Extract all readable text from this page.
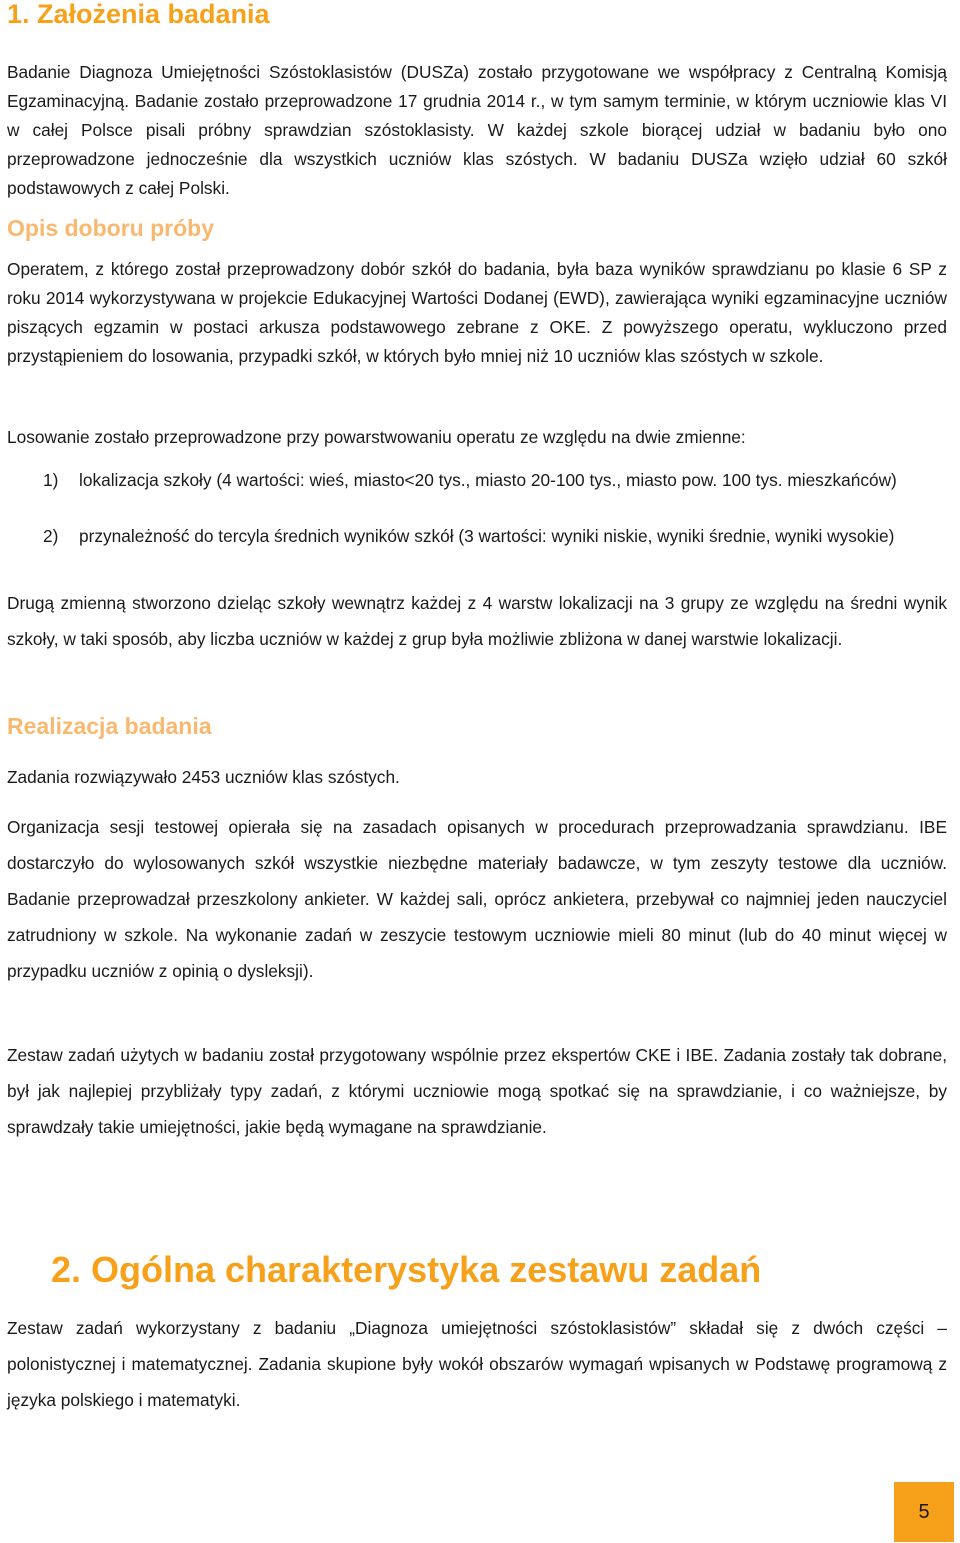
1. Założenia badania

Badanie Diagnoza Umiejętności Szóstoklasistów (DUSZa) zostało przygotowane we współpracy z Centralną Komisją Egzaminacyjną. Badanie zostało przeprowadzone 17 grudnia 2014 r., w tym samym terminie, w którym uczniowie klas VI w całej Polsce pisali próbny sprawdzian szóstoklasisty. W każdej szkole biorącej udział w badaniu było ono przeprowadzone jednocześnie dla wszystkich uczniów klas szóstych. W badaniu DUSZa wzięło udział 60 szkół podstawowych z całej Polski.

Opis doboru próby

Operatem, z którego został przeprowadzony dobór szkół do badania, była baza wyników sprawdzianu po klasie 6 SP z roku 2014 wykorzystywana w projekcie Edukacyjnej Wartości Dodanej (EWD), zawierająca wyniki egzaminacyjne uczniów piszących egzamin w postaci arkusza podstawowego zebrane z OKE. Z powyższego operatu, wykluczono przed przystąpieniem do losowania, przypadki szkół, w których było mniej niż 10 uczniów klas szóstych w szkole.

Losowanie zostało przeprowadzone przy powarstwowaniu operatu ze względu na dwie zmienne:

1) lokalizacja szkoły (4 wartości: wieś, miasto<20 tys., miasto 20-100 tys., miasto pow. 100 tys. mieszkańców)
2) przynależność do tercyla średnich wyników szkół (3 wartości: wyniki niskie, wyniki średnie, wyniki wysokie)

Drugą zmienną stworzono dzieląc szkoły wewnątrz każdej z 4 warstw lokalizacji na 3 grupy ze względu na średni wynik szkoły, w taki sposób, aby liczba uczniów w każdej z grup była możliwie zbliżona w danej warstwie lokalizacji.

Realizacja badania

Zadania rozwiązywało 2453 uczniów klas szóstych.

Organizacja sesji testowej opierała się na zasadach opisanych w procedurach przeprowadzania sprawdzianu. IBE dostarczyło do wylosowanych szkół wszystkie niezbędne materiały badawcze, w tym zeszyty testowe dla uczniów. Badanie przeprowadzał przeszkolony ankieter. W każdej sali, oprócz ankietera, przebywał co najmniej jeden nauczyciel zatrudniony w szkole. Na wykonanie zadań w zeszycie testowym uczniowie mieli 80 minut (lub do 40 minut więcej w przypadku uczniów z opinią o dysleksji).

Zestaw zadań użytych w badaniu został przygotowany wspólnie przez ekspertów CKE i IBE. Zadania zostały tak dobrane, był jak najlepiej przybliżały typy zadań, z którymi uczniowie mogą spotkać się na sprawdzianie, i co ważniejsze, by sprawdzały takie umiejętności, jakie będą wymagane na sprawdzianie.

2. Ogólna charakterystyka zestawu zadań

Zestaw zadań wykorzystany z badaniu „Diagnoza umiejętności szóstoklasistów” składał się z dwóch części – polonistycznej i matematycznej. Zadania skupione były wokół obszarów wymagań wpisanych w Podstawę programową z języka polskiego i matematyki.

5
